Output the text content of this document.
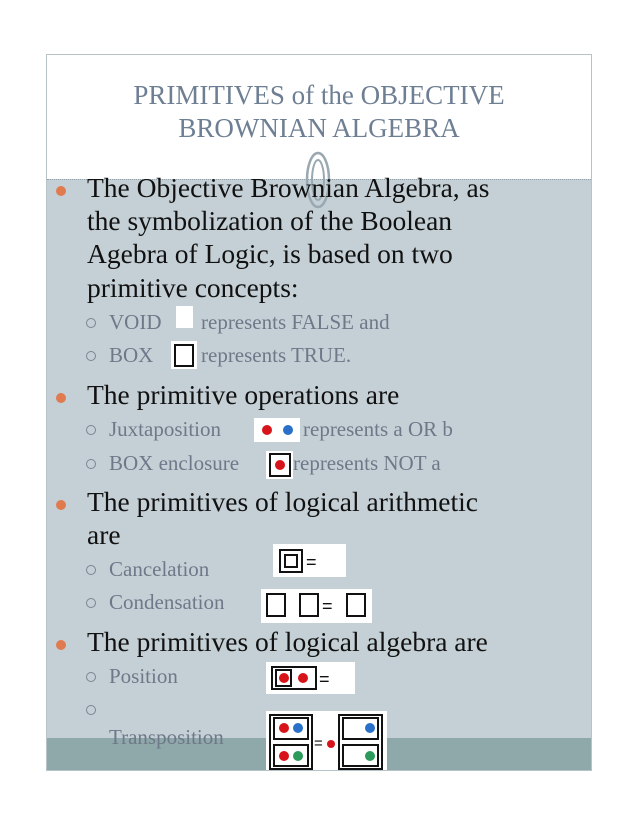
PRIMITIVES of the OBJECTIVE
BROWNIAN ALGEBRA
The Objective Brownian Algebra, as
the symbolization of the Boolean
Agebra of Logic, is based on two
primitive concepts:
VOID represents FALSE and
BOX represents TRUE.
The primitive operations are
Juxtaposition	represents a OR b
BOX enclosure	represents NOT a
The primitives of logical arithmetic
are
Cancelation	=
Condensation	=
The primitives of logical algebra are
Position	=
Transposition	=
